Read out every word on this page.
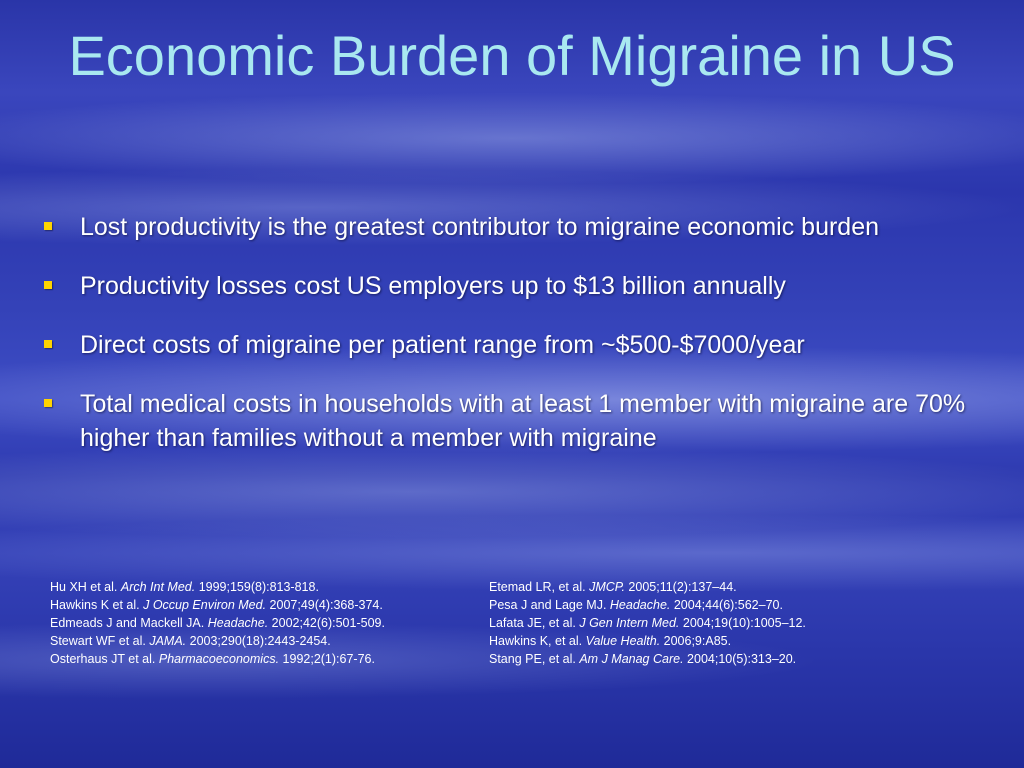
Economic Burden of Migraine in US
Lost productivity is the greatest contributor to migraine economic burden
Productivity losses cost US employers up to $13 billion annually
Direct costs of migraine per patient range from ~$500-$7000/year
Total medical costs in households with at least 1 member with migraine are 70% higher than families without a member with migraine
Hu XH et al. Arch Int Med. 1999;159(8):813-818.
Hawkins K et al. J Occup Environ Med. 2007;49(4):368-374.
Edmeads J and Mackell JA. Headache. 2002;42(6):501-509.
Stewart WF et al. JAMA. 2003;290(18):2443-2454.
Osterhaus JT et al. Pharmacoeconomics. 1992;2(1):67-76.
Etemad LR, et al. JMCP. 2005;11(2):137–44.
Pesa J and Lage MJ. Headache. 2004;44(6):562–70.
Lafata JE, et al. J Gen Intern Med. 2004;19(10):1005–12.
Hawkins K, et al. Value Health. 2006;9:A85.
Stang PE, et al. Am J Manag Care. 2004;10(5):313–20.
